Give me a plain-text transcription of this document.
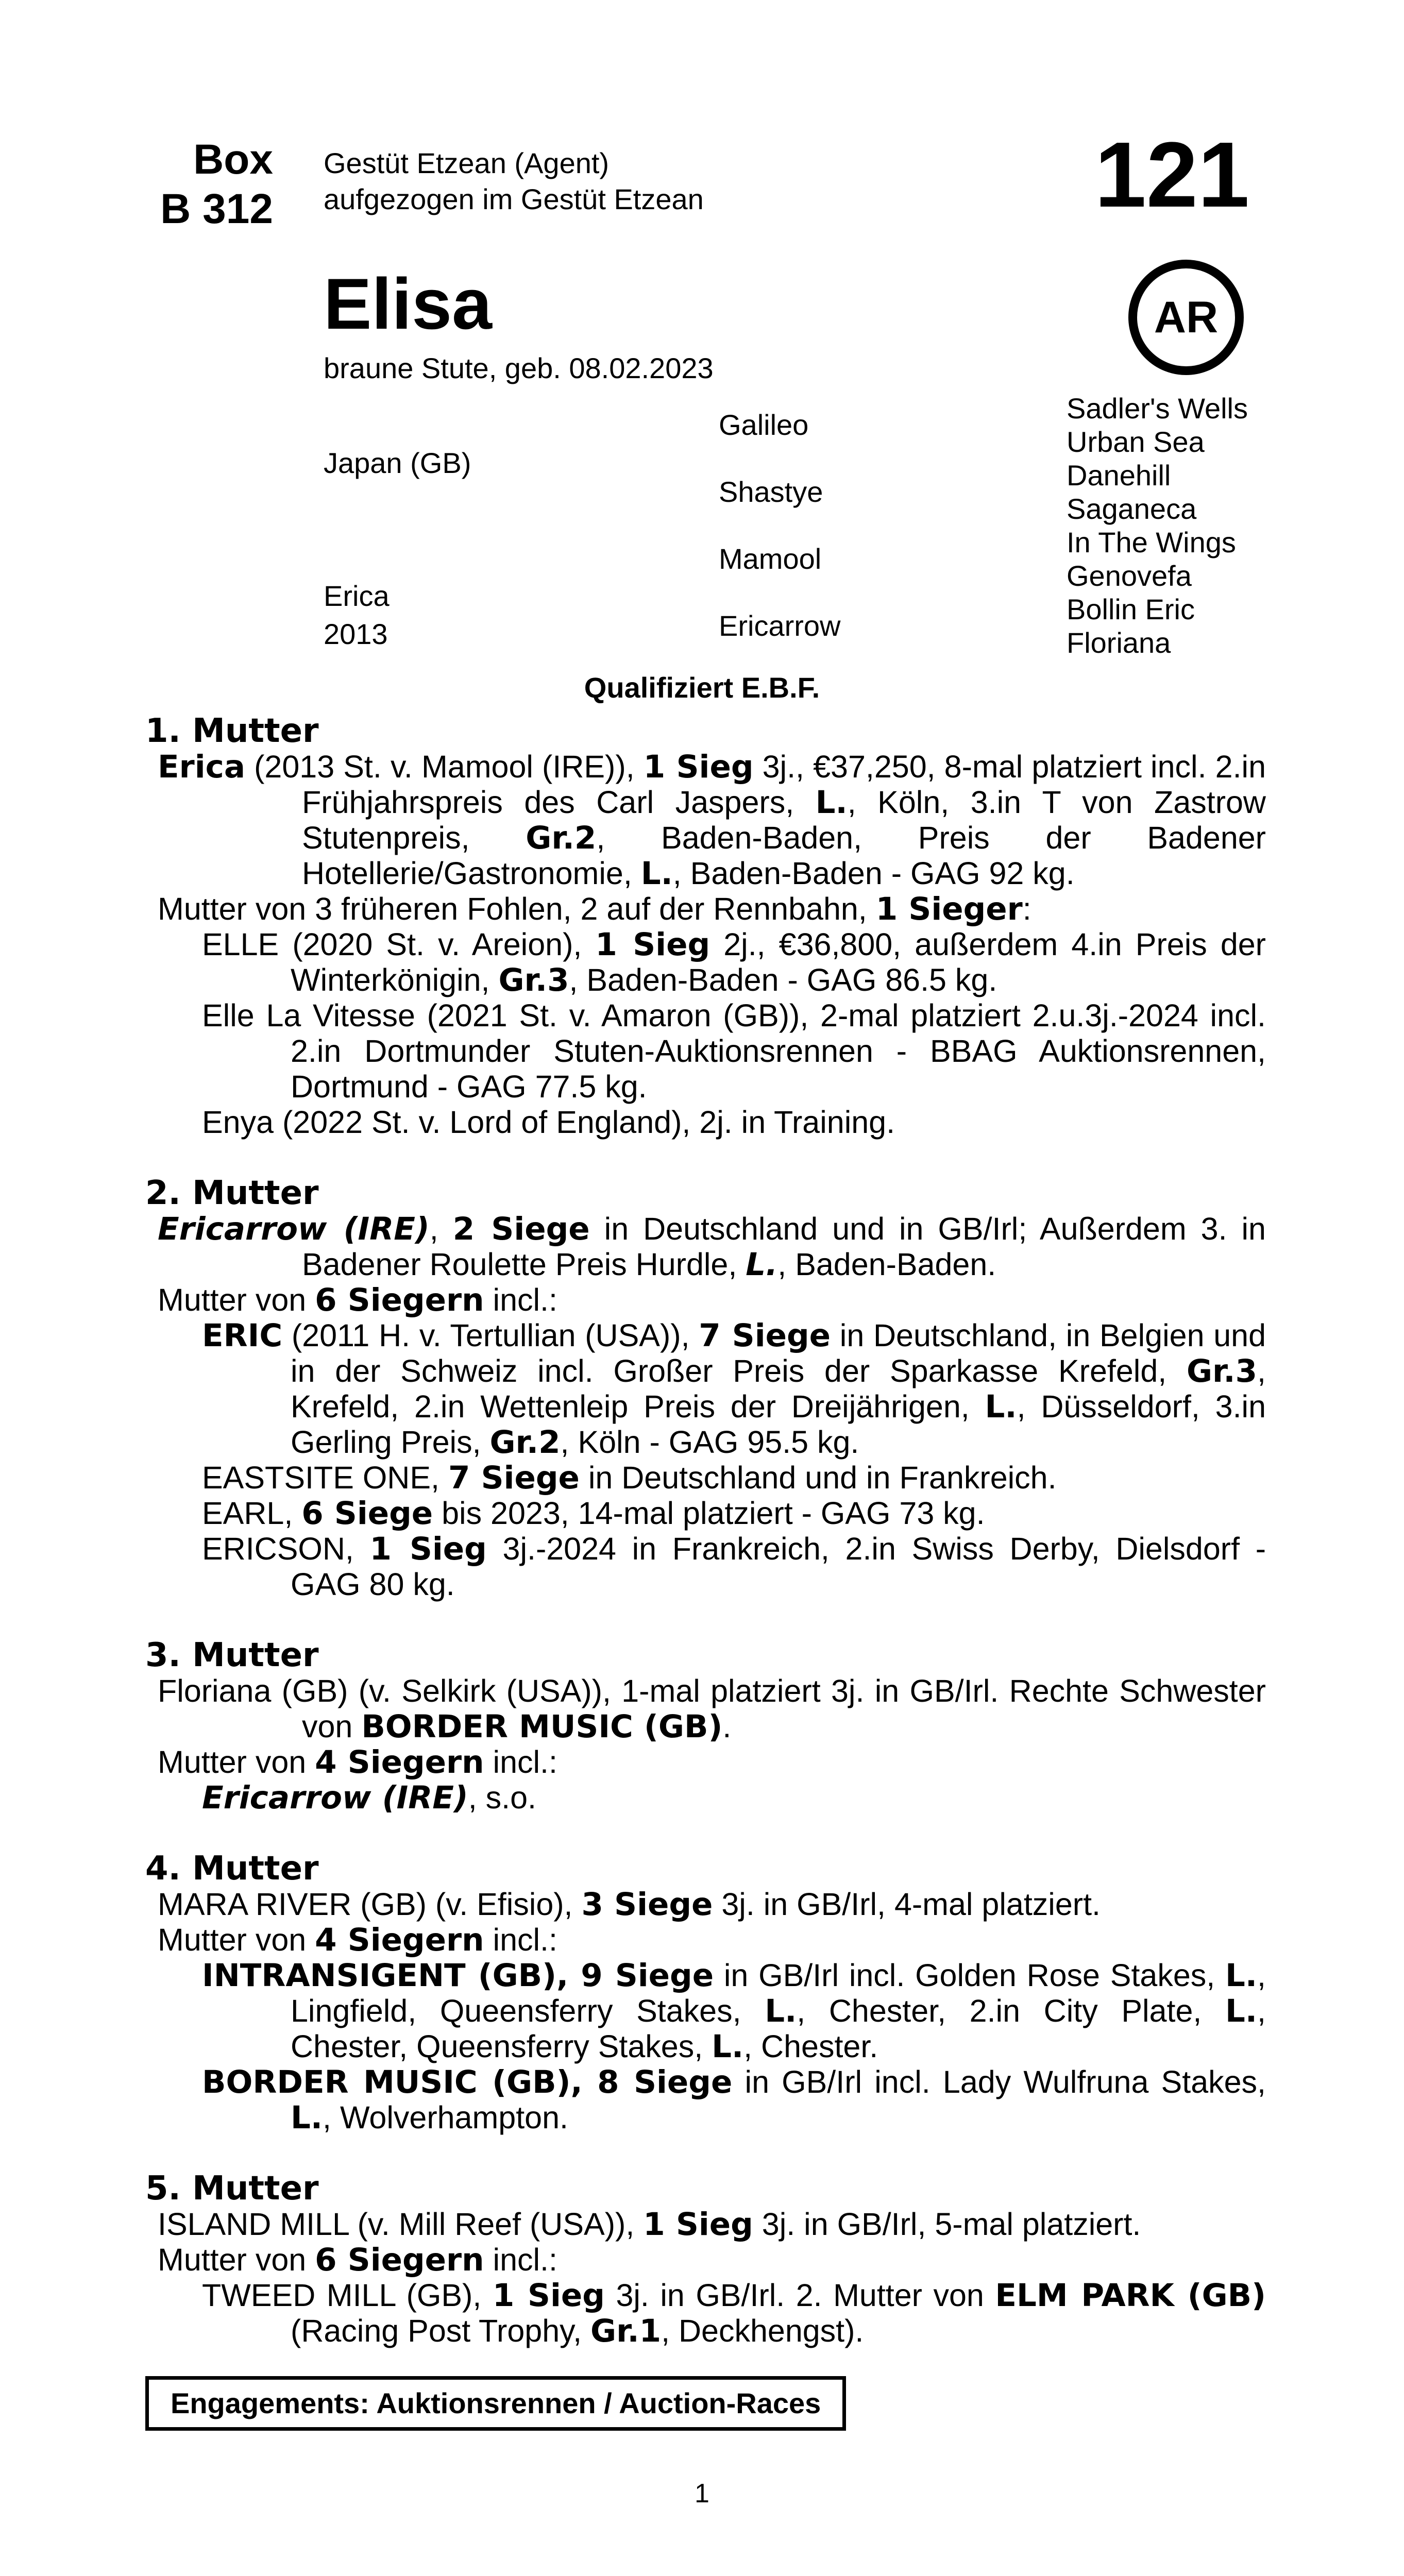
Box
B 312
Gestüt Etzean (Agent)
aufgezogen im Gestüt Etzean	121
AR
Elisa
braune Stute, geb. 08.02.2023
Japan (GB)
Erica
2013
Galileo
Shastye
Mamool
Ericarrow
Sadler's Wells
Urban Sea
Danehill
Saganeca
In The Wings
Genovefa
Bollin Eric
Floriana
Qualifiziert E.B.F.
1. Mutter
Erica (2013 St. v. Mamool (IRE)), 1 Sieg 3j., €37,250, 8-mal platziert incl. 2.in Frühjahrspreis des Carl Jaspers, L., Köln, 3.in T von Zastrow Stutenpreis, Gr.2, Baden-Baden, Preis der Badener Hotellerie/Gastronomie, L., Baden-Baden - GAG 92 kg.
Mutter von 3 früheren Fohlen, 2 auf der Rennbahn, 1 Sieger:
ELLE (2020 St. v. Areion), 1 Sieg 2j., €36,800, außerdem 4.in Preis der Winterkönigin, Gr.3, Baden-Baden - GAG 86.5 kg.
Elle La Vitesse (2021 St. v. Amaron (GB)), 2-mal platziert 2.u.3j.-2024 incl. 2.in Dortmunder Stuten-Auktionsrennen - BBAG Auktionsrennen, Dortmund - GAG 77.5 kg.
Enya (2022 St. v. Lord of England), 2j. in Training.
2. Mutter
Ericarrow (IRE), 2 Siege in Deutschland und in GB/Irl; Außerdem 3. in Badener Roulette Preis Hurdle, L., Baden-Baden.
Mutter von 6 Siegern incl.:
ERIC (2011 H. v. Tertullian (USA)), 7 Siege in Deutschland, in Belgien und in der Schweiz incl. Großer Preis der Sparkasse Krefeld, Gr.3, Krefeld, 2.in Wettenleip Preis der Dreijährigen, L., Düsseldorf, 3.in Gerling Preis, Gr.2, Köln - GAG 95.5 kg.
EASTSITE ONE, 7 Siege in Deutschland und in Frankreich.
EARL, 6 Siege bis 2023, 14-mal platziert - GAG 73 kg.
ERICSON, 1 Sieg 3j.-2024 in Frankreich, 2.in Swiss Derby, Dielsdorf - GAG 80 kg.
3. Mutter
Floriana (GB) (v. Selkirk (USA)), 1-mal platziert 3j. in GB/Irl. Rechte Schwester von BORDER MUSIC (GB).
Mutter von 4 Siegern incl.:
Ericarrow (IRE), s.o.
4. Mutter
MARA RIVER (GB) (v. Efisio), 3 Siege 3j. in GB/Irl, 4-mal platziert.
Mutter von 4 Siegern incl.:
INTRANSIGENT (GB), 9 Siege in GB/Irl incl. Golden Rose Stakes, L., Lingfield, Queensferry Stakes, L., Chester, 2.in City Plate, L., Chester, Queensferry Stakes, L., Chester.
BORDER MUSIC (GB), 8 Siege in GB/Irl incl. Lady Wulfruna Stakes, L., Wolverhampton.
5. Mutter
ISLAND MILL (v. Mill Reef (USA)), 1 Sieg 3j. in GB/Irl, 5-mal platziert.
Mutter von 6 Siegern incl.:
TWEED MILL (GB), 1 Sieg 3j. in GB/Irl. 2. Mutter von ELM PARK (GB) (Racing Post Trophy, Gr.1, Deckhengst).
Engagements: Auktionsrennen / Auction-Races
1
